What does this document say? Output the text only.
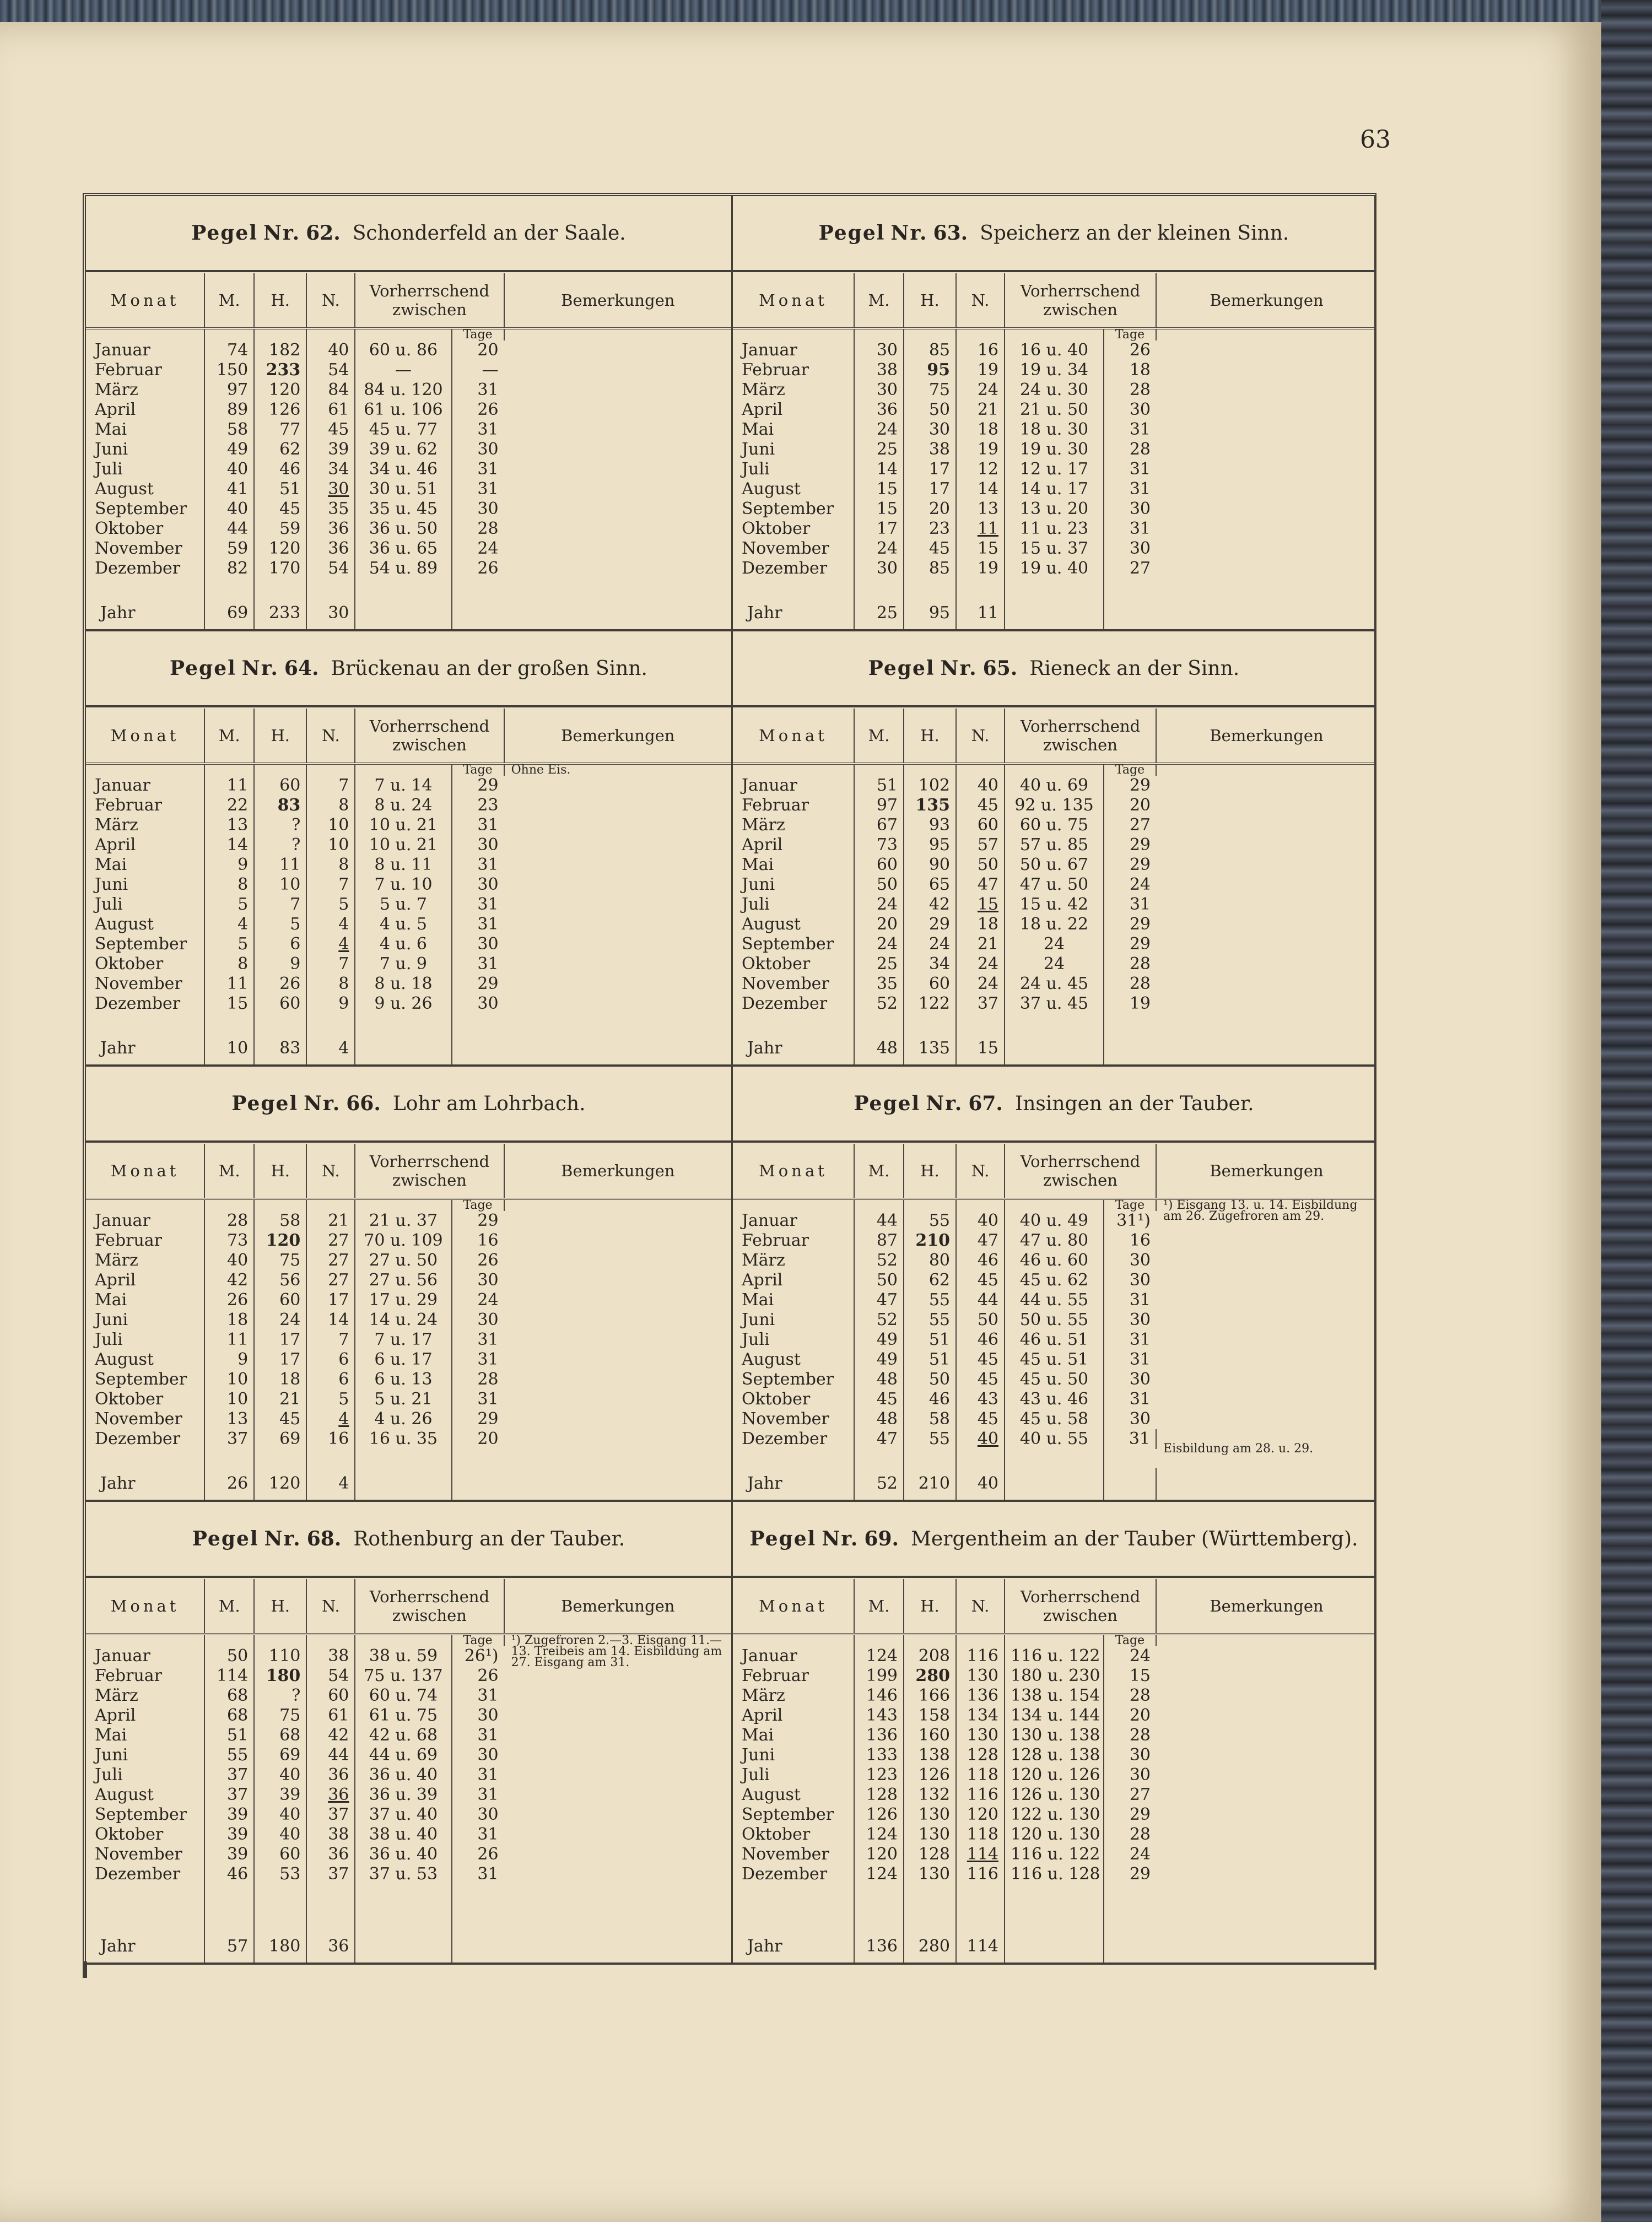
63
Pegel Nr. 62. Schonderfeld an der Saale.
Monat	M.	H.	N.	Vorherrschend zwischen		Bemerkungen
					Tage	
Januar	74	182	40	60 u. 86	20	
Februar	150	233	54	—	—	
März	97	120	84	84 u. 120	31	
April	89	126	61	61 u. 106	26	
Mai	58	77	45	45 u. 77	31	
Juni	49	62	39	39 u. 62	30	
Juli	40	46	34	34 u. 46	31	
August	41	51	30	30 u. 51	31	
September	40	45	35	35 u. 45	30	
Oktober	44	59	36	36 u. 50	28	
November	59	120	36	36 u. 65	24	
Dezember	82	170	54	54 u. 89	26	

Jahr	69	233	30			
Pegel Nr. 63. Speicherz an der kleinen Sinn.
Monat	M.	H.	N.	Vorherrschend zwischen		Bemerkungen
					Tage	
Januar	30	85	16	16 u. 40	26	
Februar	38	95	19	19 u. 34	18	
März	30	75	24	24 u. 30	28	
April	36	50	21	21 u. 50	30	
Mai	24	30	18	18 u. 30	31	
Juni	25	38	19	19 u. 30	28	
Juli	14	17	12	12 u. 17	31	
August	15	17	14	14 u. 17	31	
September	15	20	13	13 u. 20	30	
Oktober	17	23	11	11 u. 23	31	
November	24	45	15	15 u. 37	30	
Dezember	30	85	19	19 u. 40	27	

Jahr	25	95	11			
Pegel Nr. 64. Brückenau an der großen Sinn.
Monat	M.	H.	N.	Vorherrschend zwischen		Bemerkungen
					Tage	Ohne Eis.
Januar	11	60	7	7 u. 14	29	
Februar	22	83	8	8 u. 24	23	
März	13	?	10	10 u. 21	31	
April	14	?	10	10 u. 21	30	
Mai	9	11	8	8 u. 11	31	
Juni	8	10	7	7 u. 10	30	
Juli	5	7	5	5 u. 7	31	
August	4	5	4	4 u. 5	31	
September	5	6	4	4 u. 6	30	
Oktober	8	9	7	7 u. 9	31	
November	11	26	8	8 u. 18	29	
Dezember	15	60	9	9 u. 26	30	

Jahr	10	83	4			
Pegel Nr. 65. Rieneck an der Sinn.
Monat	M.	H.	N.	Vorherrschend zwischen		Bemerkungen
					Tage	
Januar	51	102	40	40 u. 69	29	
Februar	97	135	45	92 u. 135	20	
März	67	93	60	60 u. 75	27	
April	73	95	57	57 u. 85	29	
Mai	60	90	50	50 u. 67	29	
Juni	50	65	47	47 u. 50	24	
Juli	24	42	15	15 u. 42	31	
August	20	29	18	18 u. 22	29	
September	24	24	21	24	29	
Oktober	25	34	24	24	28	
November	35	60	24	24 u. 45	28	
Dezember	52	122	37	37 u. 45	19	

Jahr	48	135	15			
Pegel Nr. 66. Lohr am Lohrbach.
Monat	M.	H.	N.	Vorherrschend zwischen		Bemerkungen
					Tage	
Januar	28	58	21	21 u. 37	29	
Februar	73	120	27	70 u. 109	16	
März	40	75	27	27 u. 50	26	
April	42	56	27	27 u. 56	30	
Mai	26	60	17	17 u. 29	24	
Juni	18	24	14	14 u. 24	30	
Juli	11	17	7	7 u. 17	31	
August	9	17	6	6 u. 17	31	
September	10	18	6	6 u. 13	28	
Oktober	10	21	5	5 u. 21	31	
November	13	45	4	4 u. 26	29	
Dezember	37	69	16	16 u. 35	20	

Jahr	26	120	4			
Pegel Nr. 67. Insingen an der Tauber.
Monat	M.	H.	N.	Vorherrschend zwischen		Bemerkungen
					Tage	¹) Eisgang 13. u. 14. Eisbildung am 26. Zugefroren am 29.
Januar	44	55	40	40 u. 49	31¹)	
Februar	87	210	47	47 u. 80	16	
März	52	80	46	46 u. 60	30	
April	50	62	45	45 u. 62	30	
Mai	47	55	44	44 u. 55	31	
Juni	52	55	50	50 u. 55	30	
Juli	49	51	46	46 u. 51	31	
August	49	51	45	45 u. 51	31	
September	48	50	45	45 u. 50	30	
Oktober	45	46	43	43 u. 46	31	
November	48	58	45	45 u. 58	30	
Dezember	47	55	40	40 u. 55	31	Eisbildung am 28. u. 29.

Jahr	52	210	40			
Pegel Nr. 68. Rothenburg an der Tauber.
Monat	M.	H.	N.	Vorherrschend zwischen		Bemerkungen
					Tage	¹) Zugefroren 2.—3. Eisgang 11.—13. Treibeis am 14. Eisbildung am 27. Eisgang am 31.
Januar	50	110	38	38 u. 59	26¹)	
Februar	114	180	54	75 u. 137	26	
März	68	?	60	60 u. 74	31	
April	68	75	61	61 u. 75	30	
Mai	51	68	42	42 u. 68	31	
Juni	55	69	44	44 u. 69	30	
Juli	37	40	36	36 u. 40	31	
August	37	39	36	36 u. 39	31	
September	39	40	37	37 u. 40	30	
Oktober	39	40	38	38 u. 40	31	
November	39	60	36	36 u. 40	26	
Dezember	46	53	37	37 u. 53	31	

Jahr	57	180	36			
Pegel Nr. 69. Mergentheim an der Tauber (Württemberg).
Monat	M.	H.	N.	Vorherrschend zwischen		Bemerkungen
					Tage	
Januar	124	208	116	116 u. 122	24	
Februar	199	280	130	180 u. 230	15	
März	146	166	136	138 u. 154	28	
April	143	158	134	134 u. 144	20	
Mai	136	160	130	130 u. 138	28	
Juni	133	138	128	128 u. 138	30	
Juli	123	126	118	120 u. 126	30	
August	128	132	116	126 u. 130	27	
September	126	130	120	122 u. 130	29	
Oktober	124	130	118	120 u. 130	28	
November	120	128	114	116 u. 122	24	
Dezember	124	130	116	116 u. 128	29	

Jahr	136	280	114			
